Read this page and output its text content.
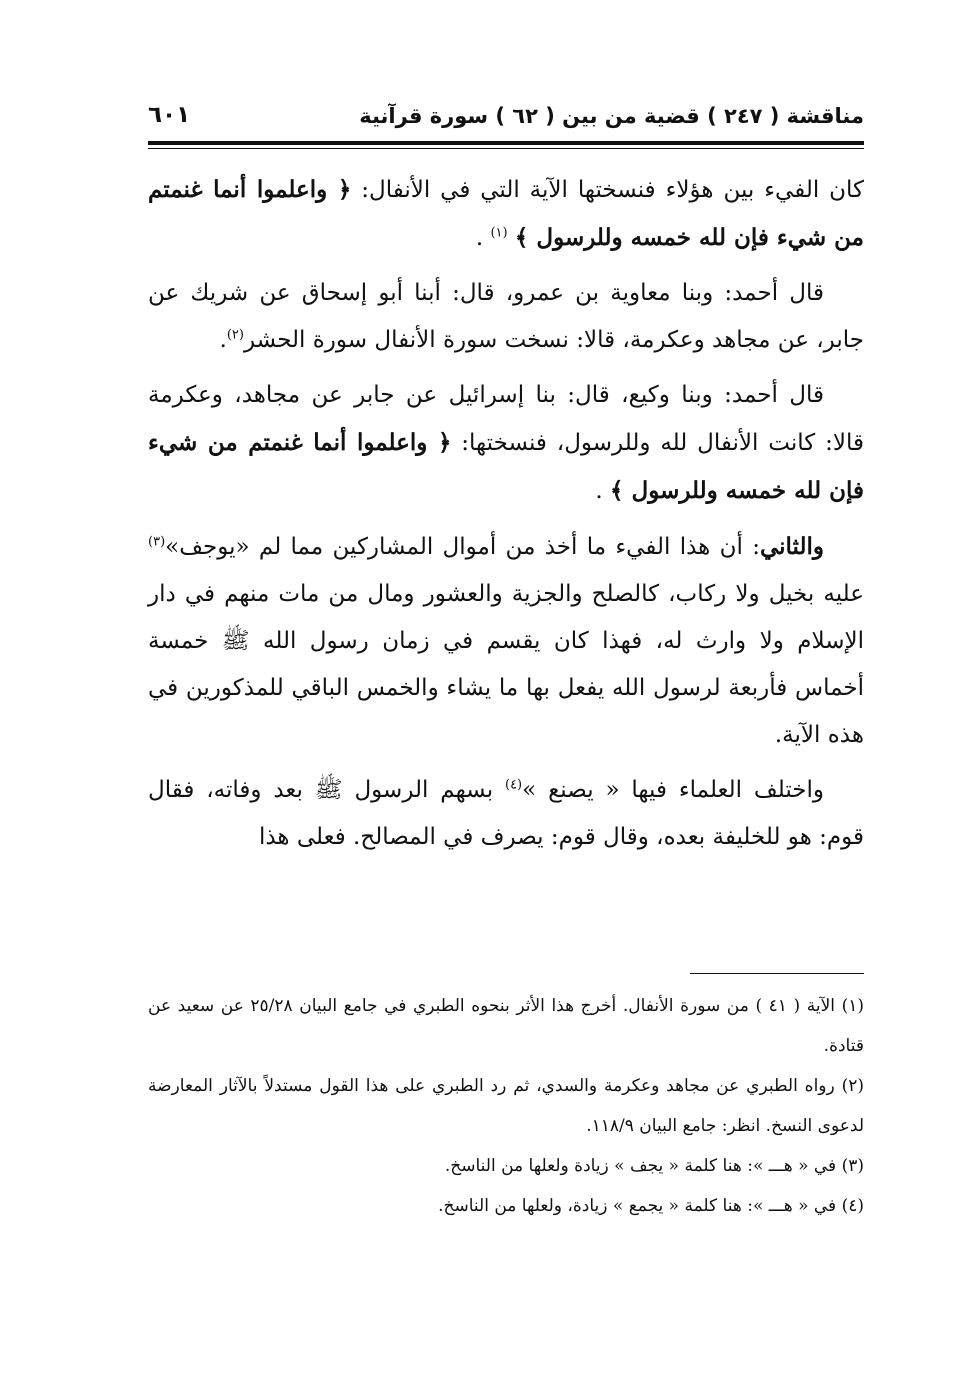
مناقشة ( ٢٤٧ ) قضية من بين ( ٦٢ ) سورة قرآنية
٦٠١

كان الفيء بين هؤلاء فنسختها الآية التي في الأنفال: ﴿ واعلموا أنما غنمتم من شيء فإن لله خمسه وللرسول ﴾ $^{(١)}$ .

قال أحمد: وبنا معاوية بن عمرو، قال: أبنا أبو إسحاق عن شريك عن جابر، عن مجاهد وعكرمة، قالا: نسخت سورة الأنفال سورة الحشر$^{(٢)}$.

قال أحمد: وبنا وكيع، قال: بنا إسرائيل عن جابر عن مجاهد، وعكرمة قالا: كانت الأنفال لله وللرسول، فنسختها: ﴿ واعلموا أنما غنمتم من شيء فإن لله خمسه وللرسول ﴾ .

والثاني: أن هذا الفيء ما أخذ من أموال المشاركين مما لم «يوجف»$^{(٣)}$ عليه بخيل ولا ركاب، كالصلح والجزية والعشور ومال من مات منهم في دار الإسلام ولا وارث له، فهذا كان يقسم في زمان رسول الله ﷺ خمسة أخماس فأربعة لرسول الله يفعل بها ما يشاء والخمس الباقي للمذكورين في هذه الآية.

واختلف العلماء فيها « يصنع »$^{(٤)}$ بسهم الرسول ﷺ بعد وفاته، فقال قوم: هو للخليفة بعده، وقال قوم: يصرف في المصالح. فعلى هذا

(١) الآية ( ٤١ ) من سورة الأنفال. أخرج هذا الأثر بنحوه الطبري في جامع البيان ٢٥/٢٨ عن سعيد عن قتادة.

(٢) رواه الطبري عن مجاهد وعكرمة والسدي، ثم رد الطبري على هذا القول مستدلاً بالآثار المعارضة لدعوى النسخ. انظر: جامع البيان ١١٨/٩.

(٣) في « هـــ »: هنا كلمة « يجف » زيادة ولعلها من الناسخ.

(٤) في « هـــ »: هنا كلمة « يجمع » زيادة، ولعلها من الناسخ.
